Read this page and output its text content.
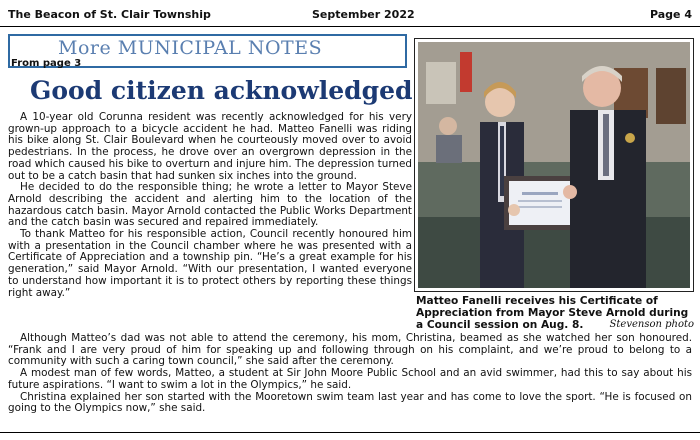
The Beacon of St. Clair Township	September 2022	Page 4
More MUNICIPAL NOTES
From page 3
Good citizen acknowledged

A 10-year old Corunna resident was recently acknowledged for his very grown-up approach to a bicycle accident he had. Matteo Fanelli was riding his bike along St. Clair Boulevard when he courteously moved over to avoid pedestrians. In the process, he drove over an overgrown depression in the road which caused his bike to overturn and injure him. The depression turned out to be a catch basin that had sunken six inches into the ground.

He decided to do the responsible thing; he wrote a letter to Mayor Steve Arnold describing the accident and alerting him to the location of the hazardous catch basin. Mayor Arnold contacted the Public Works Department and the catch basin was secured and repaired immediately.

To thank Matteo for his responsible action, Council recently honoured him with a presentation in the Council chamber where he was presented with a Certificate of Appreciation and a township pin. “He’s a great example for his generation,” said Mayor Arnold. “With our presentation, I wanted everyone to understand how important it is to protect others by reporting these things right away.”

Matteo Fanelli receives his Certificate of Appreciation from Mayor Steve Arnold during a Council session on Aug. 8.	Stevenson photo

Although Matteo’s dad was not able to attend the ceremony, his mom, Christina, beamed as she watched her son honoured. “Frank and I are very proud of him for speaking up and following through on his complaint, and we’re proud to belong to a community with such a caring town council,” she said after the ceremony.

A modest man of few words, Matteo, a student at Sir John Moore Public School and an avid swimmer, had this to say about his future aspirations. “I want to swim a lot in the Olympics,” he said.

Christina explained her son started with the Mooretown swim team last year and has come to love the sport. “He is focused on going to the Olympics now,” she said.
